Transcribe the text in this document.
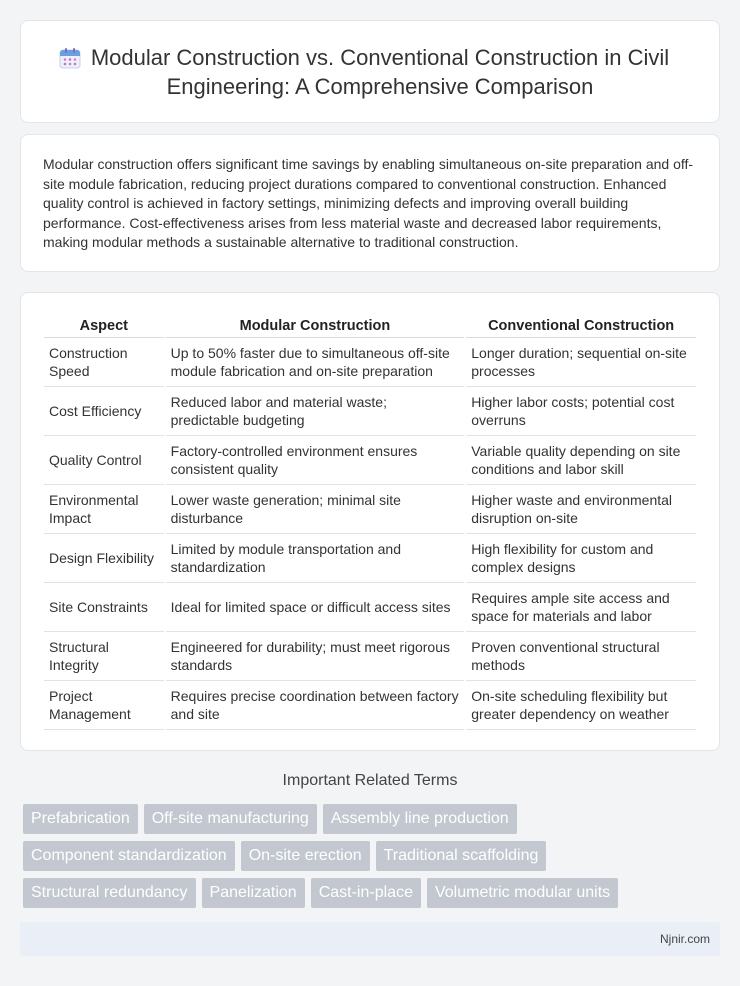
Modular Construction vs. Conventional Construction in Civil Engineering: A Comprehensive Comparison

Modular construction offers significant time savings by enabling simultaneous on-site preparation and off-site module fabrication, reducing project durations compared to conventional construction. Enhanced quality control is achieved in factory settings, minimizing defects and improving overall building performance. Cost-effectiveness arises from less material waste and decreased labor requirements, making modular methods a sustainable alternative to traditional construction.

Aspect	Modular Construction	Conventional Construction
Construction Speed	Up to 50% faster due to simultaneous off-site module fabrication and on-site preparation	Longer duration; sequential on-site processes
Cost Efficiency	Reduced labor and material waste; predictable budgeting	Higher labor costs; potential cost overruns
Quality Control	Factory-controlled environment ensures consistent quality	Variable quality depending on site conditions and labor skill
Environmental Impact	Lower waste generation; minimal site disturbance	Higher waste and environmental disruption on-site
Design Flexibility	Limited by module transportation and standardization	High flexibility for custom and complex designs
Site Constraints	Ideal for limited space or difficult access sites	Requires ample site access and space for materials and labor
Structural Integrity	Engineered for durability; must meet rigorous standards	Proven conventional structural methods
Project Management	Requires precise coordination between factory and site	On-site scheduling flexibility but greater dependency on weather
Important Related Terms
Prefabrication	Off-site manufacturing	Assembly line production
Component standardization	On-site erection	Traditional scaffolding
Structural redundancy	Panelization	Cast-in-place	Volumetric modular units
Njnir.com
